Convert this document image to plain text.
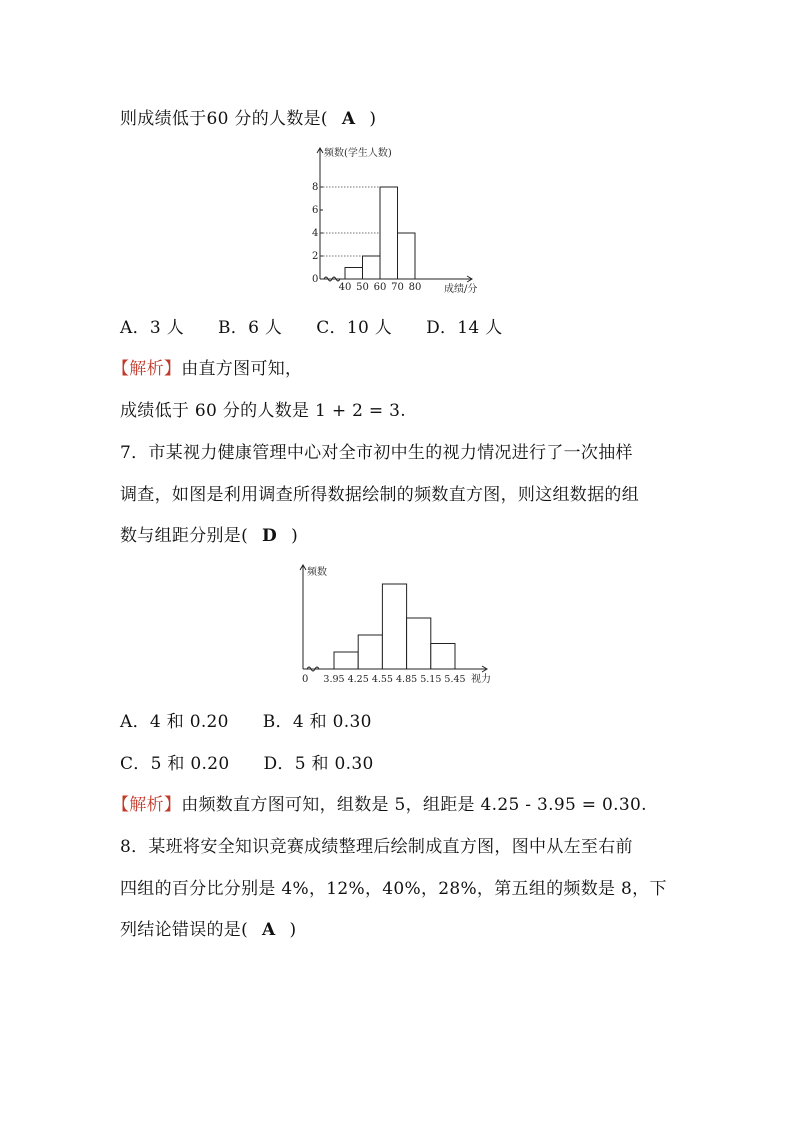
则成绩低于60 分的人数是( A )
频数(学生人数)
0
2
4
6
8
40 50 60 70 80 成绩/分
A．3 人 B．6 人 C．10 人 D．14 人
【解析】由直方图可知，
成绩低于 60 分的人数是 1 + 2 = 3.
7．市某视力健康管理中心对全市初中生的视力情况进行了一次抽样
调查，如图是利用调查所得数据绘制的频数直方图，则这组数据的组
数与组距分别是( D )
频数
0 3.95 4.25 4.55 4.85 5.15 5.45 视力
A．4 和 0.20 B．4 和 0.30
C．5 和 0.20 D．5 和 0.30
【解析】由频数直方图可知，组数是 5，组距是 4.25 - 3.95 = 0.30.
8．某班将安全知识竞赛成绩整理后绘制成直方图，图中从左至右前
四组的百分比分别是 4%，12%，40%，28%，第五组的频数是 8，下
列结论错误的是( A )
